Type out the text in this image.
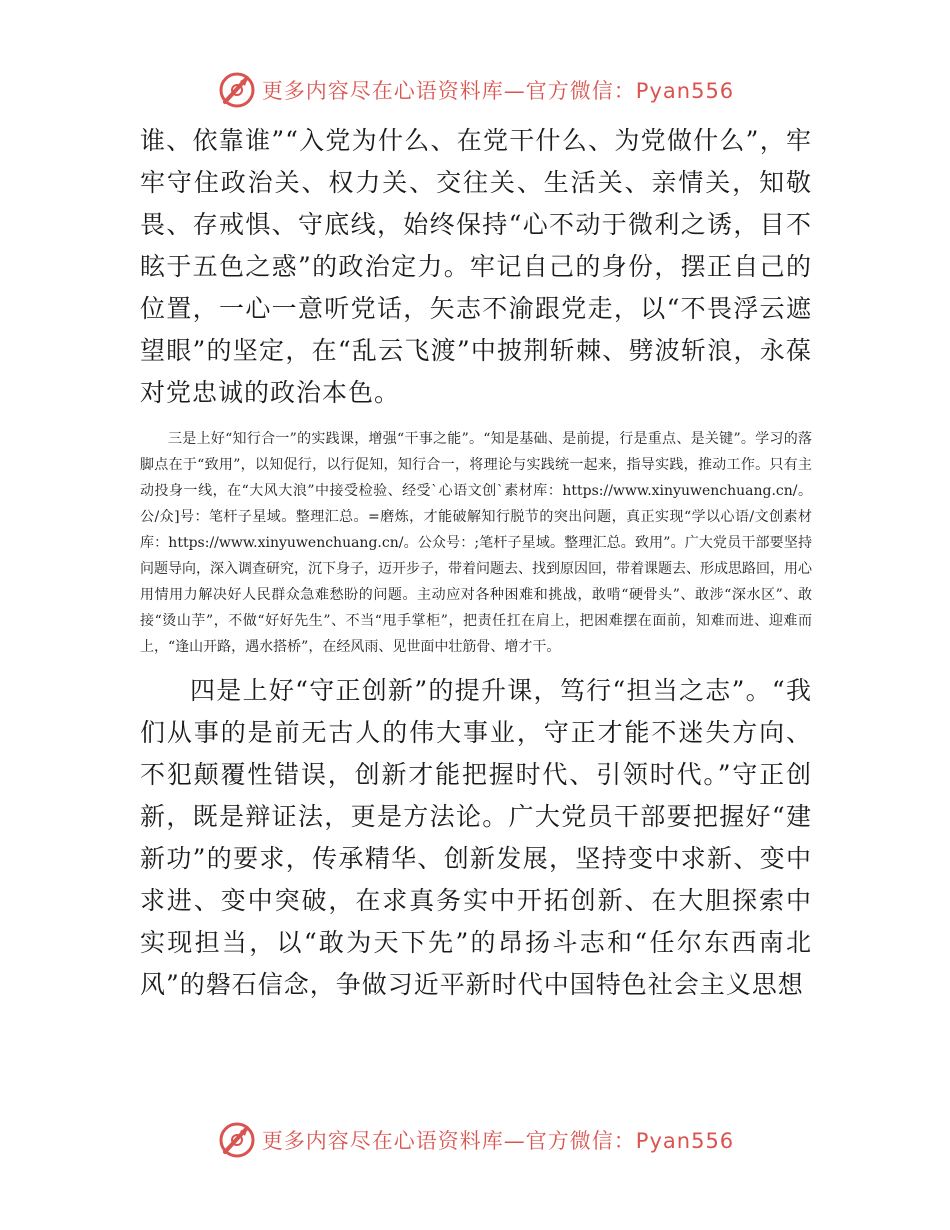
更多内容尽在心语资料库—官方微信：Pyan556

谁、依靠谁”“入党为什么、在党干什么、为党做什么”，牢牢守住政治关、权力关、交往关、生活关、亲情关，知敬畏、存戒惧、守底线，始终保持“心不动于微利之诱，目不眩于五色之惑”的政治定力。牢记自己的身份，摆正自己的位置，一心一意听党话，矢志不渝跟党走，以“不畏浮云遮望眼”的坚定，在“乱云飞渡”中披荆斩棘、劈波斩浪，永葆对党忠诚的政治本色。

三是上好“知行合一”的实践课，增强“干事之能”。“知是基础、是前提，行是重点、是关键”。学习的落脚点在于“致用”，以知促行，以行促知，知行合一，将理论与实践统一起来，指导实践，推动工作。只有主动投身一线，在“大风大浪”中接受检验、经受`心语文创`素材库：https://www.xinyuwenchuang.cn/。公/众]号：笔杆子星域。整理汇总。=磨炼，才能破解知行脱节的突出问题，真正实现“学以心语/文创素材库：https://www.xinyuwenchuang.cn/。公众号：;笔杆子星域。整理汇总。致用”。广大党员干部要坚持问题导向，深入调查研究，沉下身子，迈开步子，带着问题去、找到原因回，带着课题去、形成思路回，用心用情用力解决好人民群众急难愁盼的问题。主动应对各种困难和挑战，敢啃“硬骨头”、敢涉“深水区”、敢接“烫山芋”，不做“好好先生”、不当“甩手掌柜”，把责任扛在肩上，把困难摆在面前，知难而进、迎难而上，“逢山开路，遇水搭桥”，在经风雨、见世面中壮筋骨、增才干。

四是上好“守正创新”的提升课，笃行“担当之志”。“我们从事的是前无古人的伟大事业，守正才能不迷失方向、不犯颠覆性错误，创新才能把握时代、引领时代。”守正创新，既是辩证法，更是方法论。广大党员干部要把握好“建新功”的要求，传承精华、创新发展，坚持变中求新、变中求进、变中突破，在求真务实中开拓创新、在大胆探索中实现担当，以“敢为天下先”的昂扬斗志和“任尔东西南北风”的磐石信念，争做习近平新时代中国特色社会主义思想

更多内容尽在心语资料库—官方微信：Pyan556
